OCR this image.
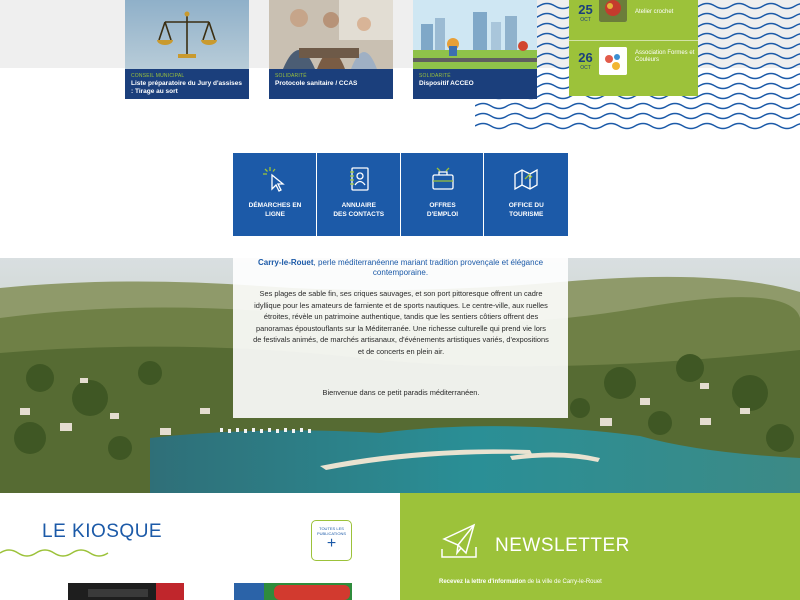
CONSEIL MUNICIPAL
Liste préparatoire du Jury d'assises : Tirage au sort
SOLIDARITÉ
Protocole sanitaire / CCAS
SOLIDARITÉ
Dispositif ACCEO
25
OCT
Atelier crochet
26
OCT
Association Formes et Couleurs
DÉMARCHES EN
LIGNE
ANNUAIRE
DES CONTACTS
OFFRES
D'EMPLOI
OFFICE DU
TOURISME
Carry-le-Rouet, perle méditerranéenne mariant tradition provençale et élégance contemporaine.
Ses plages de sable fin, ses criques sauvages, et son port pittoresque offrent un cadre idyllique pour les amateurs de farniente et de sports nautiques. Le centre-ville, aux ruelles étroites, révèle un patrimoine authentique, tandis que les sentiers côtiers offrent des panoramas époustouflants sur la Méditerranée. Une richesse culturelle qui prend vie lors de festivals animés, de marchés artisanaux, d'événements artistiques variés, d'expositions et de concerts en plein air.
Bienvenue dans ce petit paradis méditerranéen.
LE KIOSQUE	TOUTES LES
PUBLICATIONS
+	NEWSLETTER
Recevez la lettre d'information de la ville de Carry-le-Rouet
